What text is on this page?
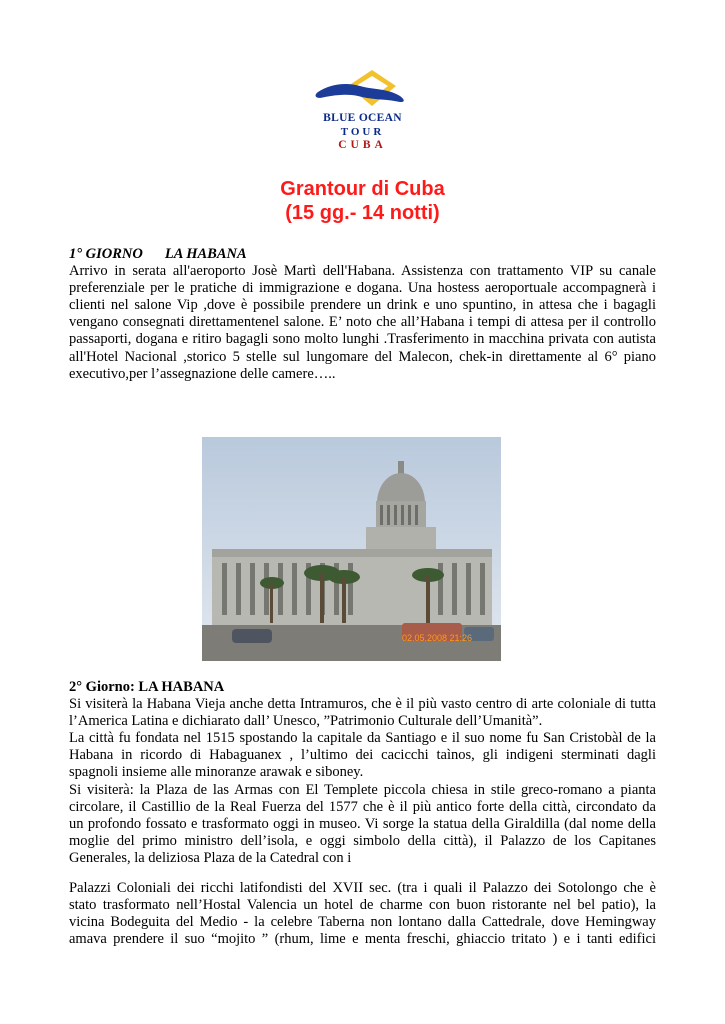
BLUE OCEAN
TOUR
CUBA
Grantour di Cuba
(15 gg.- 14 notti)
1° GIORNO LA HABANA
Arrivo in serata all'aeroporto Josè Martì dell'Habana. Assistenza con trattamento VIP su canale
preferenziale per le pratiche di immigrazione e dogana. Una hostess aeroportuale accompagnerà i
clienti nel salone Vip ,dove è possibile prendere un drink e uno spuntino, in attesa che i bagagli
vengano consegnati direttamentenel salone. E’ noto che all’Habana i tempi di attesa per il controllo
passaporti, dogana e ritiro bagagli sono molto lunghi .Trasferimento in macchina privata con autista
all'Hotel Nacional ,storico 5 stelle sul lungomare del Malecon, chek-in direttamente al 6° piano
executivo,per l’assegnazione delle camere…..
02.05.2008 21:26
2° Giorno: LA HABANA
Si visiterà la Habana Vieja anche detta Intramuros, che è il più vasto centro di arte coloniale di tutta
l’America Latina e dichiarato dall’ Unesco, ”Patrimonio Culturale dell’Umanità”.
La città fu fondata nel 1515 spostando la capitale da Santiago e il suo nome fu San Cristobàl de la
Habana in ricordo di Habaguanex , l’ultimo dei cacicchi taìnos, gli indigeni sterminati dagli
spagnoli insieme alle minoranze arawak e siboney.
Si visiterà: la Plaza de las Armas con El Templete piccola chiesa in stile greco-romano a pianta
circolare, il Castillio de la Real Fuerza del 1577 che è il più antico forte della città, circondato da
un profondo fossato e trasformato oggi in museo. Vi sorge la statua della Giraldilla (dal nome della
moglie del primo ministro dell’isola, e oggi simbolo della città), il Palazzo de los Capitanes
Generales, la deliziosa Plaza de la Catedral con i
Palazzi Coloniali dei ricchi latifondisti del XVII sec. (tra i quali il Palazzo dei Sotolongo che è
stato trasformato nell’Hostal Valencia un hotel de charme con buon ristorante nel bel patio), la
vicina Bodeguita del Medio - la celebre Taberna non lontano dalla Cattedrale, dove Hemingway
amava prendere il suo “mojito ” (rhum, lime e menta freschi, ghiaccio tritato ) e i tanti edifici
